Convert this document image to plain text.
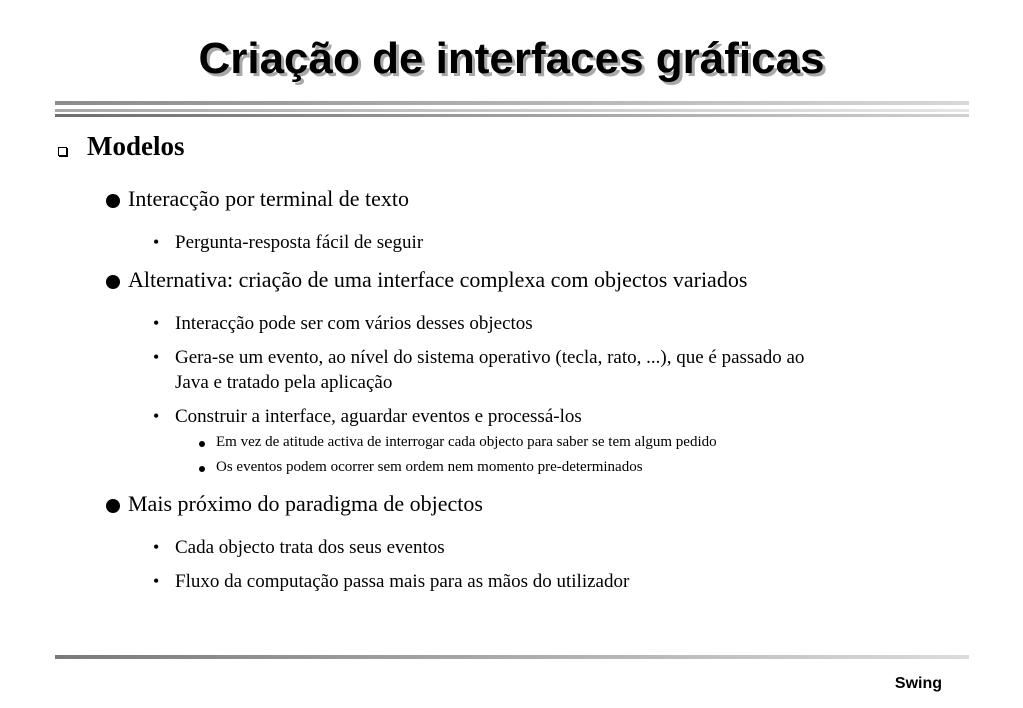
Criação de interfaces gráficas
Modelos
Interacção por terminal de texto
• Pergunta-resposta fácil de seguir
Alternativa: criação de uma interface complexa com objectos variados
• Interacção pode ser com vários desses objectos
• Gera-se um evento, ao nível do sistema operativo (tecla, rato, ...), que é passado ao
Java e tratado pela aplicação
• Construir a interface, aguardar eventos e processá-los
Em vez de atitude activa de interrogar cada objecto para saber se tem algum pedido
Os eventos podem ocorrer sem ordem nem momento pre-determinados
Mais próximo do paradigma de objectos
• Cada objecto trata dos seus eventos
• Fluxo da computação passa mais para as mãos do utilizador
Swing
